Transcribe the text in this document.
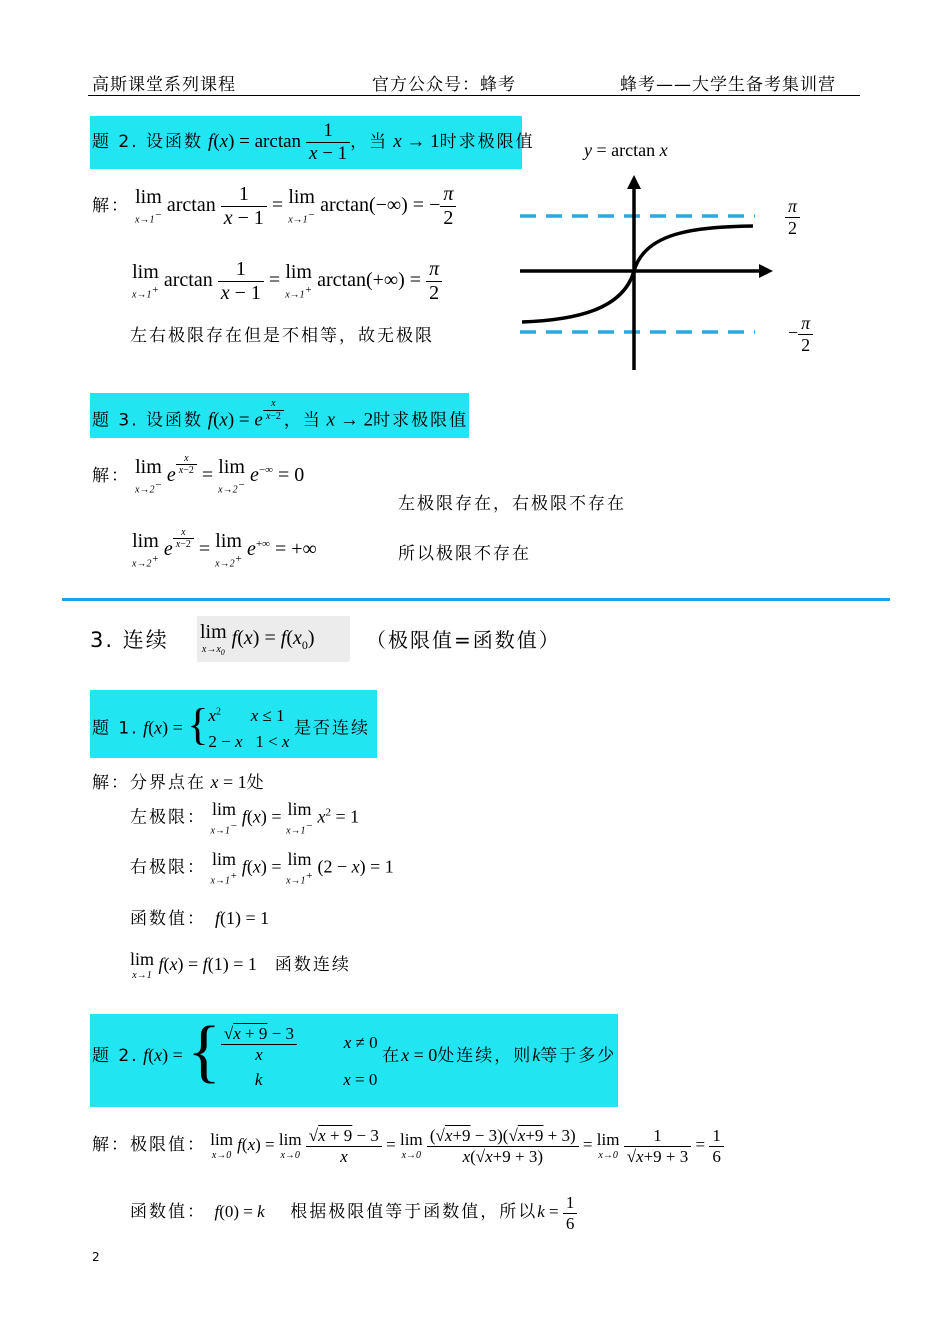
高斯课堂系列课程	官方公众号：蜂考	蜂考——大学生备考集训营
题 2. 设函数 $f(x) = \arctan \frac{1}{x - 1}$ ，当 x → 1时求极限值
解： lim
x→1− $\arctan \frac{1}{x - 1} = \lim$
x→1− arctan(−∞) = − $\frac{\pi}{2}$
lim
x→1+ $\arctan \frac{1}{x - 1} = \lim$
x→1+ $\arctan(+\infty) = \frac{\pi}{2}$
左右极限存在但是不相等，故无极限
y = arctan x
$\frac{\pi}{2}$
− $\frac{\pi}{2}$
题 3. 设函数 f(x) = e $^{\frac{x}{x-2}}$ ，当 x → 2时求极限值
解： lim
x→2− e $^{\frac{x}{x-2}}$ = lim
x→2− e−∞ = 0
lim
x→2+ e $^{\frac{x}{x-2}}$ = lim
x→2+ e+∞ = +∞
左极限存在，右极限不存在
所以极限不存在
3. 连续 lim
$x\to x_0$
$f(x) = f(x_0)$	（极限值=函数值）
题 1. f(x) = { $x^2$ x ≤ 1
2 − x   1 < x
是否连续
解：分界点在 x = 1处
左极限： lim
x→1− f(x) = lim
x→1− $x^2 = 1$
右极限： lim
x→1+ f(x) = lim
x→1+ (2 − x) = 1
函数值： f(1) = 1
lim
x→1
f(x) = f(1) = 1    函数连续
题 2. f(x) = { $\frac{√x + 9 - 3}{x}$	x ≠ 0
k	x = 0
在x = 0处连续，则k等于多少
解：极限值： lim
x→0
f(x) = lim
x→0
$\frac{√x + 9 - 3}{x} = \lim$
x→0
$\frac{(√x+9 - 3)(√x+9 + 3)}{x(√x+9 + 3)} = \lim$
x→0
$\frac{1}{√x+9 + 3} = \frac{1}{6}$
函数值： f(0) = k 根据极限值等于函数值，所以$k = \frac{1}{6}$
2
